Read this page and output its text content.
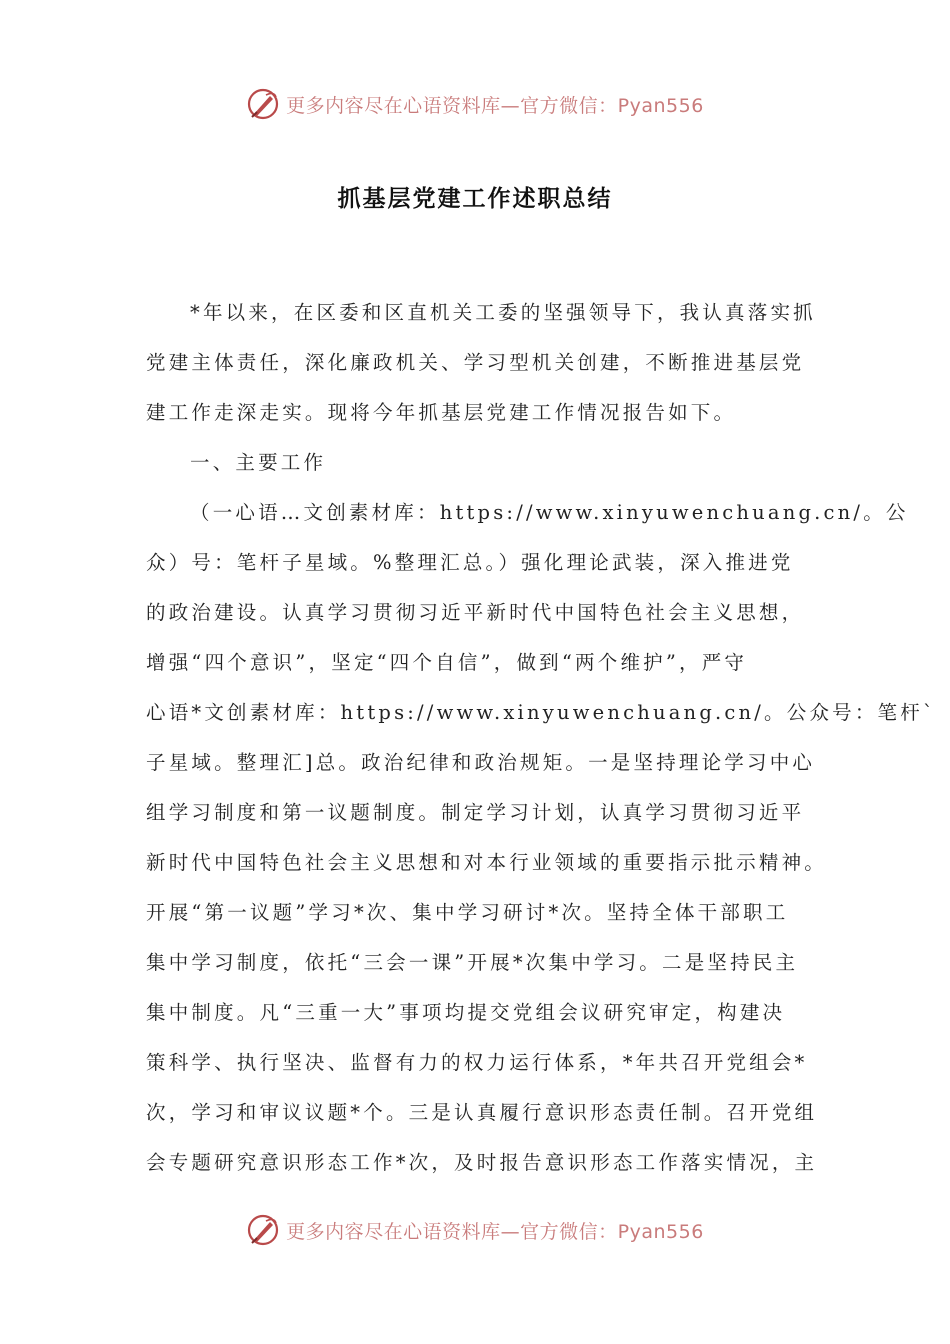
更多内容尽在心语资料库—官方微信：Pyan556
抓基层党建工作述职总结
*年以来，在区委和区直机关工委的坚强领导下，我认真落实抓
党建主体责任，深化廉政机关、学习型机关创建，不断推进基层党
建工作走深走实。现将今年抓基层党建工作情况报告如下。
一、主要工作
（一心语…文创素材库：https://www.xinyuwenchuang.cn/。公
众）号：笔杆子星域。%整理汇总。）强化理论武装，深入推进党
的政治建设。认真学习贯彻习近平新时代中国特色社会主义思想，
增强“四个意识”，坚定“四个自信”，做到“两个维护”，严守
心语*文创素材库：https://www.xinyuwenchuang.cn/。公众号：笔杆`
子星域。整理汇]总。政治纪律和政治规矩。一是坚持理论学习中心
组学习制度和第一议题制度。制定学习计划，认真学习贯彻习近平
新时代中国特色社会主义思想和对本行业领域的重要指示批示精神。
开展“第一议题”学习*次、集中学习研讨*次。坚持全体干部职工
集中学习制度，依托“三会一课”开展*次集中学习。二是坚持民主
集中制度。凡“三重一大”事项均提交党组会议研究审定，构建决
策科学、执行坚决、监督有力的权力运行体系，*年共召开党组会*
次，学习和审议议题*个。三是认真履行意识形态责任制。召开党组
会专题研究意识形态工作*次，及时报告意识形态工作落实情况，主
更多内容尽在心语资料库—官方微信：Pyan556
